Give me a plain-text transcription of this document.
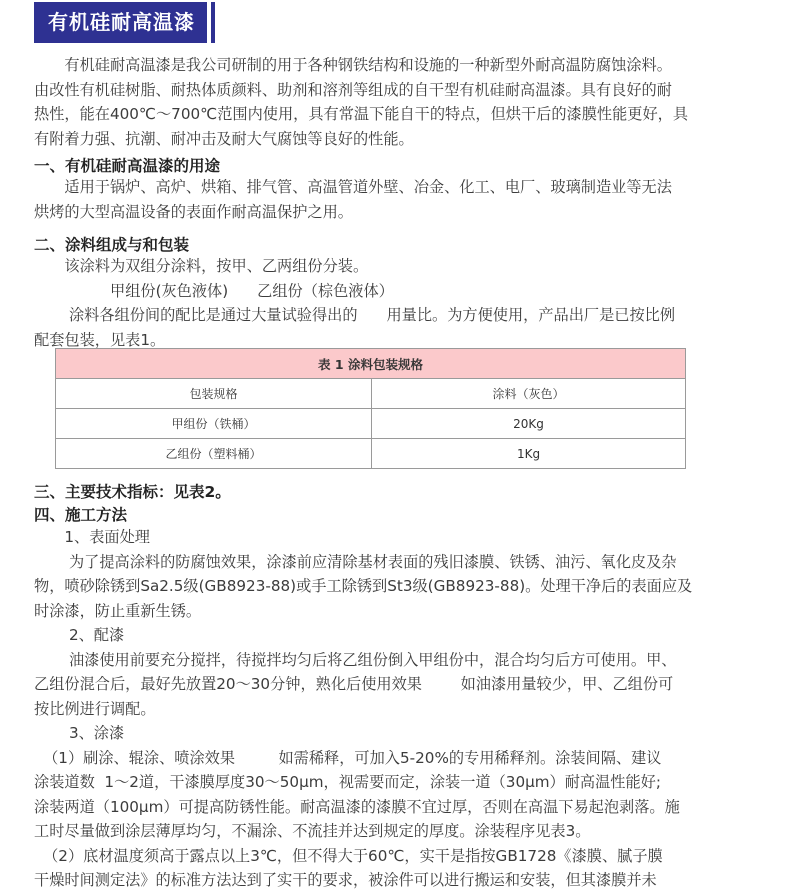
有机硅耐高温漆

有机硅耐高温漆是我公司研制的用于各种钢铁结构和设施的一种新型外耐高温防腐蚀涂料。
由改性有机硅树脂、耐热体质颜料、助剂和溶剂等组成的自干型有机硅耐高温漆。具有良好的耐
热性，能在400℃～700℃范围内使用，具有常温下能自干的特点，但烘干后的漆膜性能更好，具
有附着力强、抗潮、耐冲击及耐大气腐蚀等良好的性能。

一、有机硅耐高温漆的用途

适用于锅炉、高炉、烘箱、排气管、高温管道外壁、冶金、化工、电厂、玻璃制造业等无法
烘烤的大型高温设备的表面作耐高温保护之用。

二、涂料组成与和包装

该涂料为双组分涂料，按甲、乙两组份分装。
甲组份(灰色液体)      乙组份（棕色液体）
涂料各组份间的配比是通过大量试验得出的      用量比。为方便使用，产品出厂是已按比例
配套包装，见表1。

表 1 涂料包装规格	
包装规格	涂料（灰色）
甲组份（铁桶）	20Kg
乙组份（塑料桶）	1Kg
三、主要技术指标：见表2。
四、施工方法

1、表面处理
为了提高涂料的防腐蚀效果，涂漆前应清除基材表面的残旧漆膜、铁锈、油污、氧化皮及杂
物，喷砂除锈到Sa2.5级(GB8923-88)或手工除锈到St3级(GB8923-88)。处理干净后的表面应及
时涂漆，防止重新生锈。
2、配漆
油漆使用前要充分搅拌，待搅拌均匀后将乙组份倒入甲组份中，混合均匀后方可使用。甲、
乙组份混合后，最好先放置20～30分钟，熟化后使用效果        如油漆用量较少，甲、乙组份可
按比例进行调配。
3、涂漆
（1）刷涂、辊涂、喷涂效果         如需稀释，可加入5-20%的专用稀释剂。涂装间隔、建议
涂装道数  1～2道，干漆膜厚度30～50μm，视需要而定，涂装一道（30μm）耐高温性能好;
涂装两道（100μm）可提高防锈性能。耐高温漆的漆膜不宜过厚，否则在高温下易起泡剥落。施
工时尽量做到涂层薄厚均匀，不漏涂、不流挂并达到规定的厚度。涂装程序见表3。
（2）底材温度须高于露点以上3℃，但不得大于60℃，实干是指按GB1728《漆膜、腻子膜
干燥时间测定法》的标准方法达到了实干的要求，被涂件可以进行搬运和安装，但其漆膜并未
